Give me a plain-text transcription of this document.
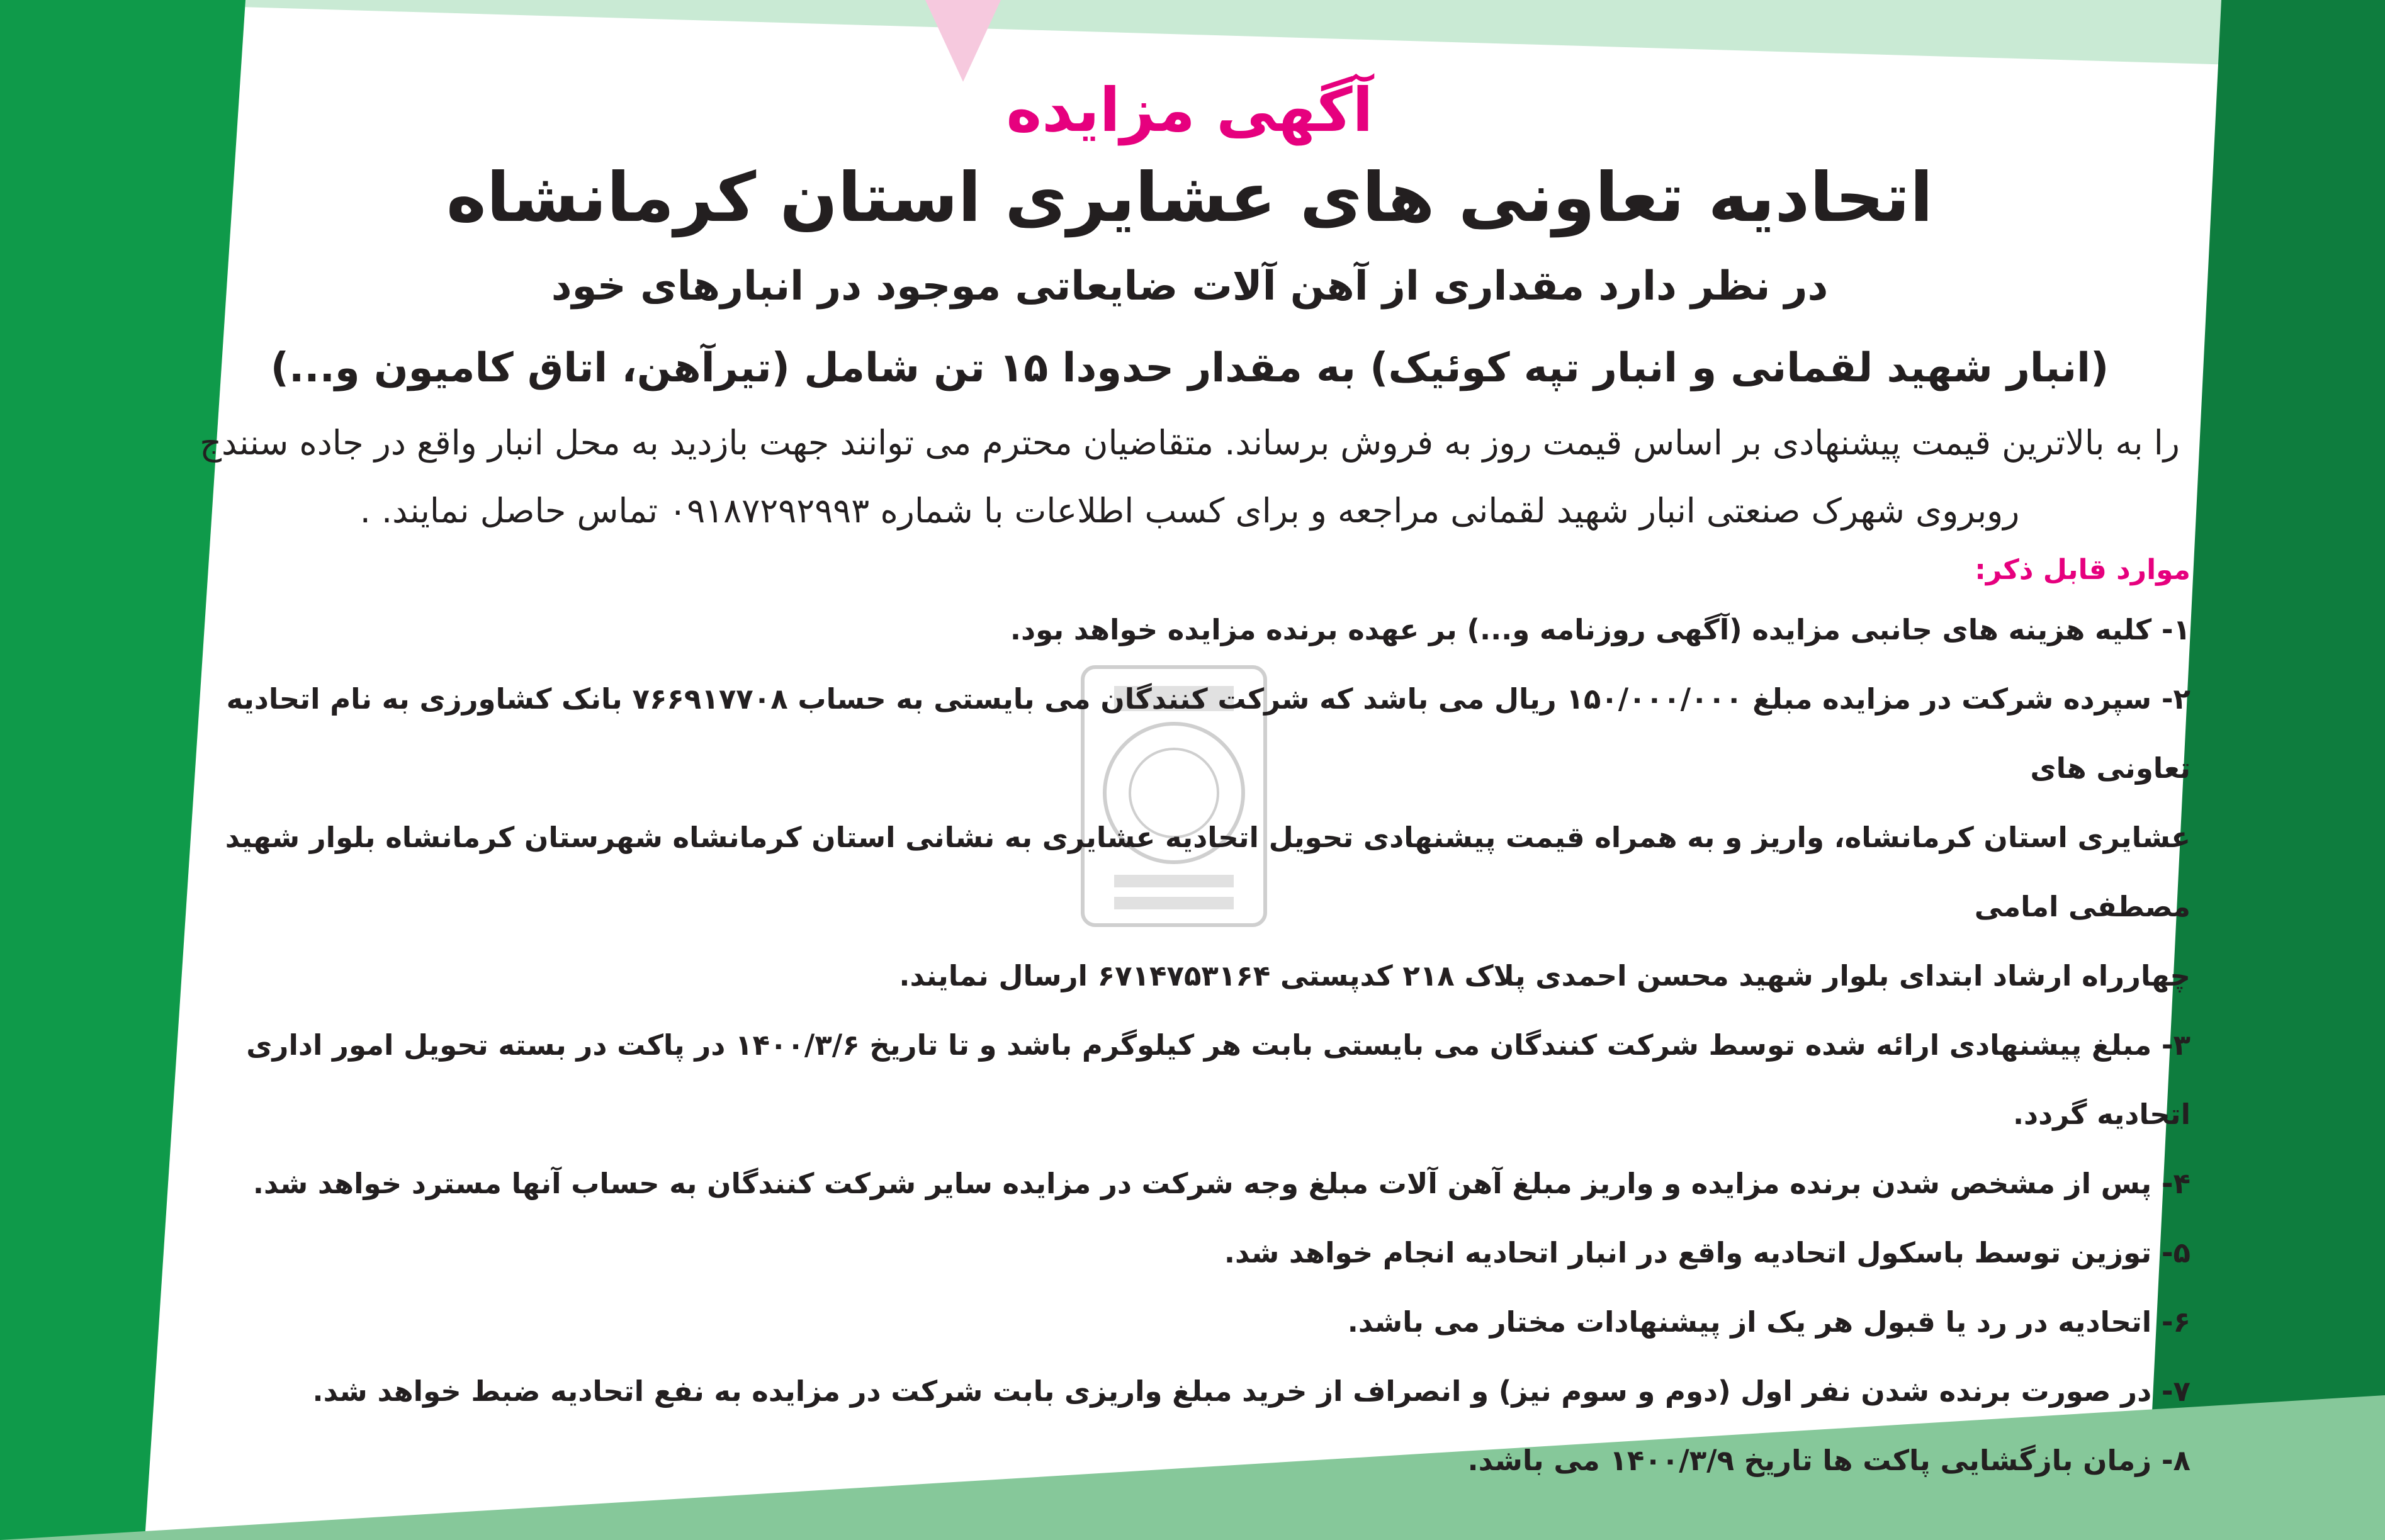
آگهی مزایده
اتحادیه تعاونی های عشایری استان کرمانشاه

در نظر دارد مقداری از آهن آلات ضایعاتی موجود در انبارهای خود

(انبار شهید لقمانی و انبار تپه کوئیک) به مقدار حدودا ۱۵ تن شامل (تیرآهن، اتاق کامیون و...)

را به بالاترین قیمت پیشنهادی بر اساس قیمت روز به فروش برساند. متقاضیان محترم می توانند جهت بازدید به محل انبار واقع در جاده سنندج

روبروی شهرک صنعتی انبار شهید لقمانی مراجعه و برای کسب اطلاعات با شماره ۰۹۱۸۷۲۹۲۹۹۳ تماس حاصل نمایند. .

موارد قابل ذکر:

۱- کلیه هزینه های جانبی مزایده (آگهی روزنامه و...) بر عهده برنده مزایده خواهد بود.

۲- سپرده شرکت در مزایده مبلغ ۱۵۰/۰۰۰/۰۰۰ ریال می باشد که شرکت کنندگان می بایستی به حساب ۷۶۶۹۱۷۷۰۸ بانک کشاورزی به نام اتحادیه تعاونی های

عشایری استان کرمانشاه، واریز و به همراه قیمت پیشنهادی تحویل اتحادیه عشایری به نشانی استان کرمانشاه شهرستان کرمانشاه بلوار شهید مصطفی امامی

چهارراه ارشاد ابتدای بلوار شهید محسن احمدی پلاک ۲۱۸ کدپستی ۶۷۱۴۷۵۳۱۶۴ ارسال نمایند.

۳- مبلغ پیشنهادی ارائه شده توسط شرکت کنندگان می بایستی بابت هر کیلوگرم باشد و تا تاریخ ۱۴۰۰/۳/۶ در پاکت در بسته تحویل امور اداری اتحادیه گردد.

۴- پس از مشخص شدن برنده مزایده و واریز مبلغ آهن آلات مبلغ وجه شرکت در مزایده سایر شرکت کنندگان به حساب آنها مسترد خواهد شد.

۵- توزین توسط باسکول اتحادیه واقع در انبار اتحادیه انجام خواهد شد.

۶- اتحادیه در رد یا قبول هر یک از پیشنهادات مختار می باشد.

۷- در صورت برنده شدن نفر اول (دوم و سوم نیز) و انصراف از خرید مبلغ واریزی بابت شرکت در مزایده به نفع اتحادیه ضبط خواهد شد.

۸- زمان بازگشایی پاکت ها تاریخ ۱۴۰۰/۳/۹ می باشد.
